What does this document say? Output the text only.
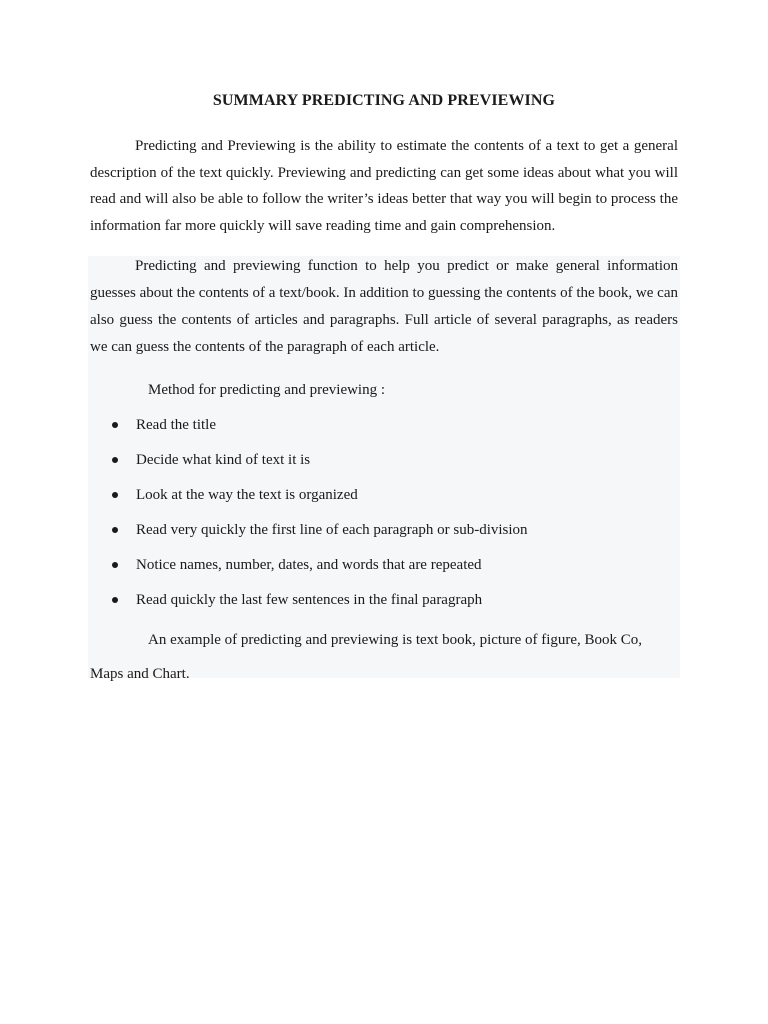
SUMMARY PREDICTING AND PREVIEWING

Predicting and Previewing is the ability to estimate the contents of a text to get a general description of the text quickly. Previewing and predicting can get some ideas about what you will read and will also be able to follow the writer’s ideas better that way you will begin to process the information far more quickly will save reading time and gain comprehension.

Predicting and previewing function to help you predict or make general information guesses about the contents of a text/book. In addition to guessing the contents of the book, we can also guess the contents of articles and paragraphs. Full article of several paragraphs, as readers we can guess the contents of the paragraph of each article.

Method for predicting and previewing :

Read the title
Decide what kind of text it is
Look at the way the text is organized
Read very quickly the first line of each paragraph or sub-division
Notice names, number, dates, and words that are repeated
Read quickly the last few sentences in the final paragraph

An example of predicting and previewing is text book, picture of figure, Book Co, Maps and Chart.
